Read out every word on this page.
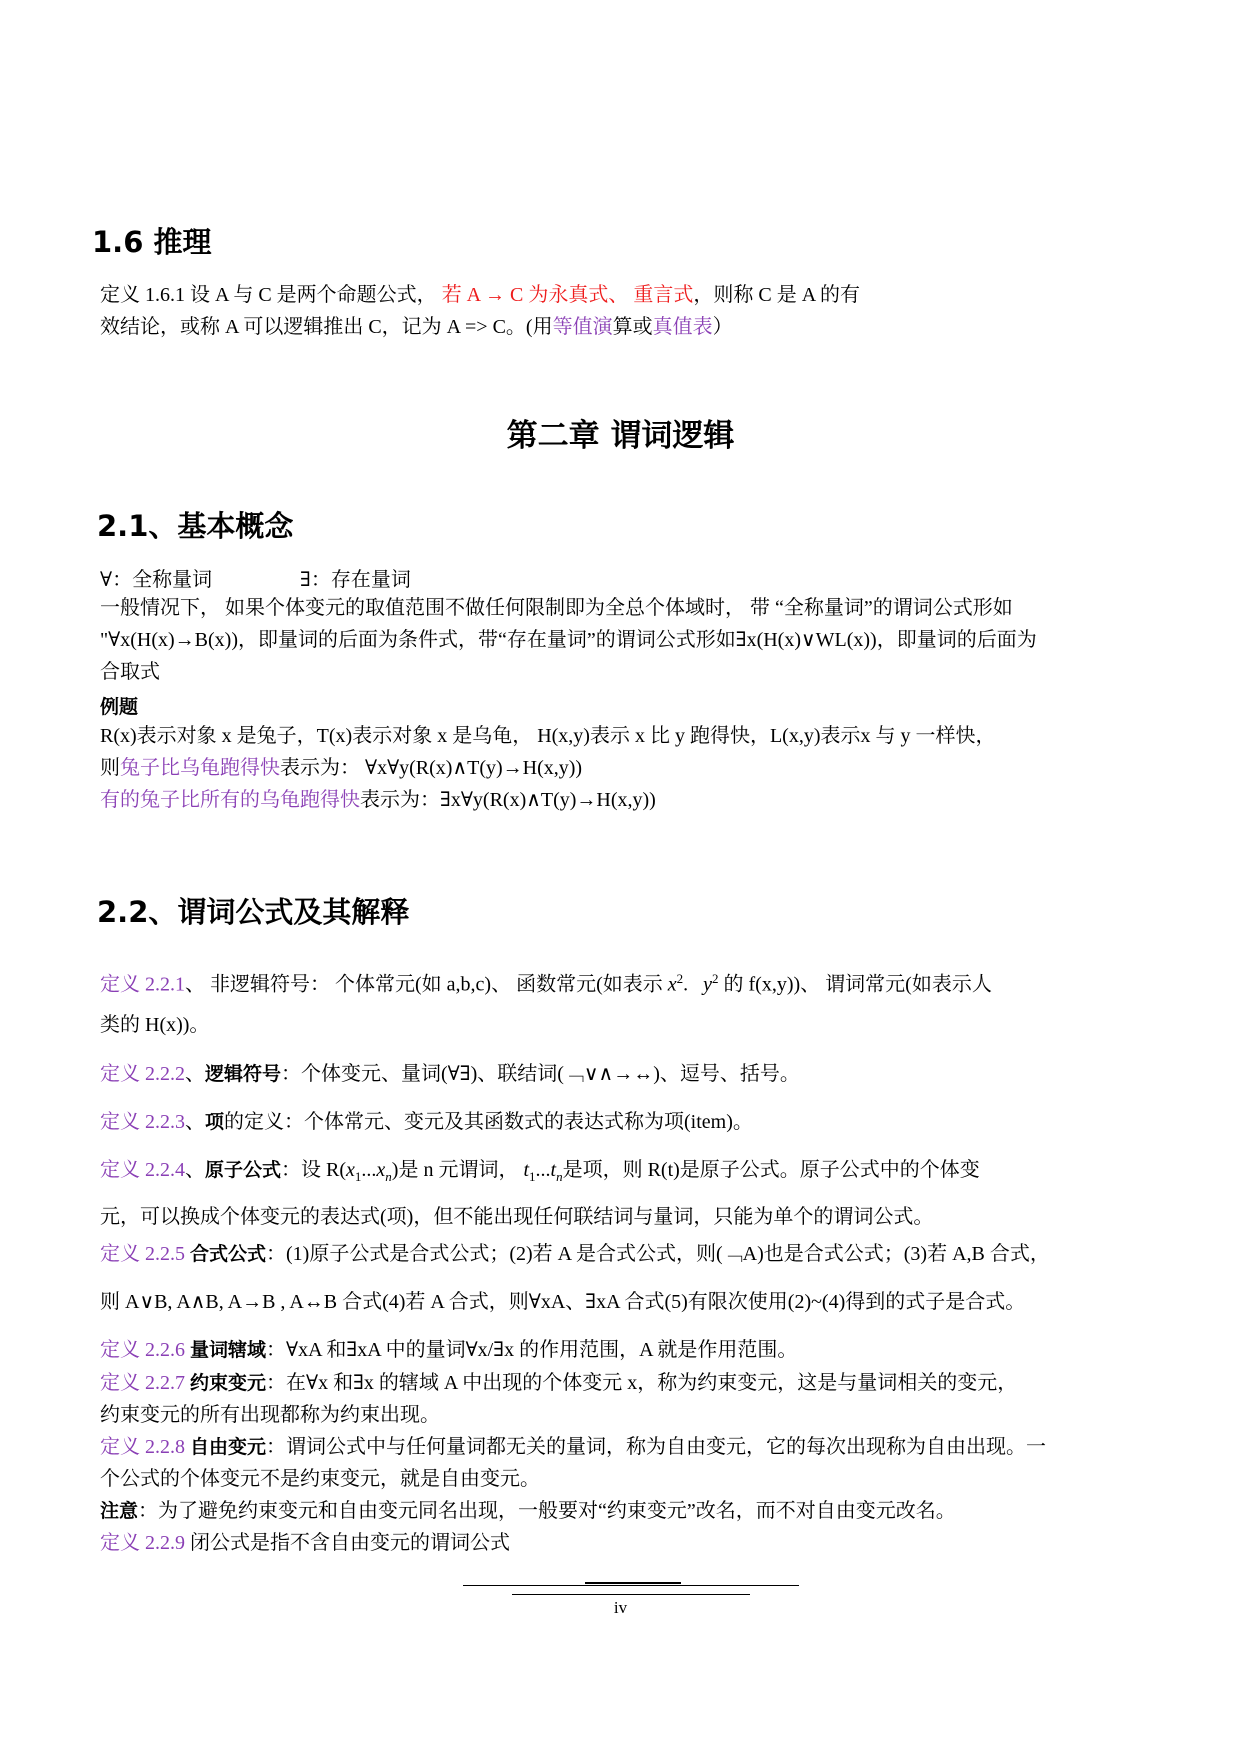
1.6 推理
定义 1.6.1 设 A 与 C 是两个命题公式， 若 A → C 为永真式、 重言式，则称 C 是 A 的有
效结论，或称 A 可以逻辑推出 C，记为 A => C。(用等值演算或真值表）
第二章 谓词逻辑
2.1、基本概念
∀：全称量词	∃：存在量词
一般情况下， 如果个体变元的取值范围不做任何限制即为全总个体域时， 带 “全称量词”的谓词公式形如
"∀x(H(x)→B(x))，即量词的后面为条件式，带“存在量词”的谓词公式形如∃x(H(x)∨WL(x))，即量词的后面为
合取式
例题
R(x)表示对象 x 是兔子，T(x)表示对象 x 是乌龟， H(x,y)表示 x 比 y 跑得快，L(x,y)表示x 与 y 一样快，
则兔子比乌龟跑得快表示为： ∀x∀y(R(x)∧T(y)→H(x,y))
有的兔子比所有的乌龟跑得快表示为：∃x∀y(R(x)∧T(y)→H(x,y))
2.2、谓词公式及其解释
定义 2.2.1、 非逻辑符号： 个体常元(如 a,b,c)、 函数常元(如表示 $x^2$.   $y^2$ 的 f(x,y))、 谓词常元(如表示人
类的 H(x))。
定义 2.2.2、逻辑符号：个体变元、量词(∀∃)、联结词(﹁∨∧→↔)、逗号、括号。
定义 2.2.3、项的定义：个体常元、变元及其函数式的表达式称为项(item)。
定义 2.2.4、原子公式：设 $R(x_1...x_n)$是 n 元谓词， $t_1...t_n$是项，则 R(t)是原子公式。原子公式中的个体变
元，可以换成个体变元的表达式(项)，但不能出现任何联结词与量词，只能为单个的谓词公式。
定义 2.2.5 合式公式：(1)原子公式是合式公式；(2)若 A 是合式公式，则(﹁A)也是合式公式；(3)若 A,B 合式，
则 A∨B, A∧B, A→B , A↔B 合式(4)若 A 合式，则∀xA、∃xA 合式(5)有限次使用(2)~(4)得到的式子是合式。
定义 2.2.6 量词辖域：∀xA 和∃xA 中的量词∀x/∃x 的作用范围，A 就是作用范围。
定义 2.2.7 约束变元：在∀x 和∃x 的辖域 A 中出现的个体变元 x，称为约束变元，这是与量词相关的变元，
约束变元的所有出现都称为约束出现。
定义 2.2.8 自由变元：谓词公式中与任何量词都无关的量词，称为自由变元，它的每次出现称为自由出现。一
个公式的个体变元不是约束变元，就是自由变元。
注意：为了避免约束变元和自由变元同名出现，一般要对“约束变元”改名，而不对自由变元改名。
定义 2.2.9 闭公式是指不含自由变元的谓词公式
iv
